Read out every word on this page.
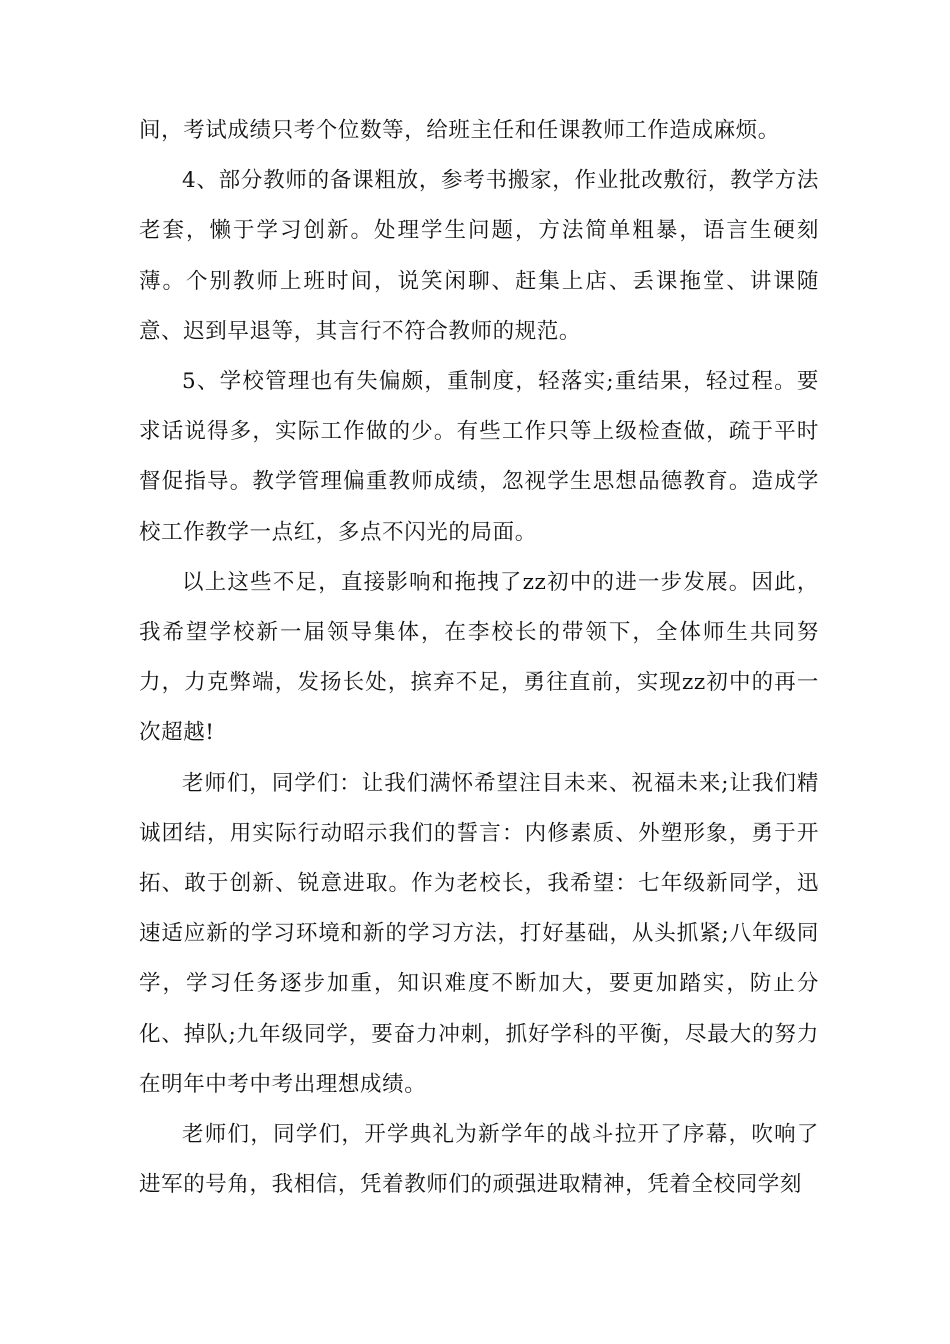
间，考试成绩只考个位数等，给班主任和任课教师工作造成麻烦。

4、部分教师的备课粗放，参考书搬家，作业批改敷衍，教学方法老套，懒于学习创新。处理学生问题，方法简单粗暴，语言生硬刻薄。个别教师上班时间，说笑闲聊、赶集上店、丢课拖堂、讲课随意、迟到早退等，其言行不符合教师的规范。

5、学校管理也有失偏颇，重制度，轻落实;重结果，轻过程。要求话说得多，实际工作做的少。有些工作只等上级检查做，疏于平时督促指导。教学管理偏重教师成绩，忽视学生思想品德教育。造成学校工作教学一点红，多点不闪光的局面。

以上这些不足，直接影响和拖拽了zz初中的进一步发展。因此，我希望学校新一届领导集体，在李校长的带领下，全体师生共同努力，力克弊端，发扬长处，摈弃不足，勇往直前，实现zz初中的再一次超越!

老师们，同学们：让我们满怀希望注目未来、祝福未来;让我们精诚团结，用实际行动昭示我们的誓言：内修素质、外塑形象，勇于开拓、敢于创新、锐意进取。作为老校长，我希望：七年级新同学，迅速适应新的学习环境和新的学习方法，打好基础，从头抓紧;八年级同学，学习任务逐步加重，知识难度不断加大，要更加踏实，防止分化、掉队;九年级同学，要奋力冲刺，抓好学科的平衡，尽最大的努力在明年中考中考出理想成绩。

老师们，同学们，开学典礼为新学年的战斗拉开了序幕，吹响了进军的号角，我相信，凭着教师们的顽强进取精神，凭着全校同学刻
